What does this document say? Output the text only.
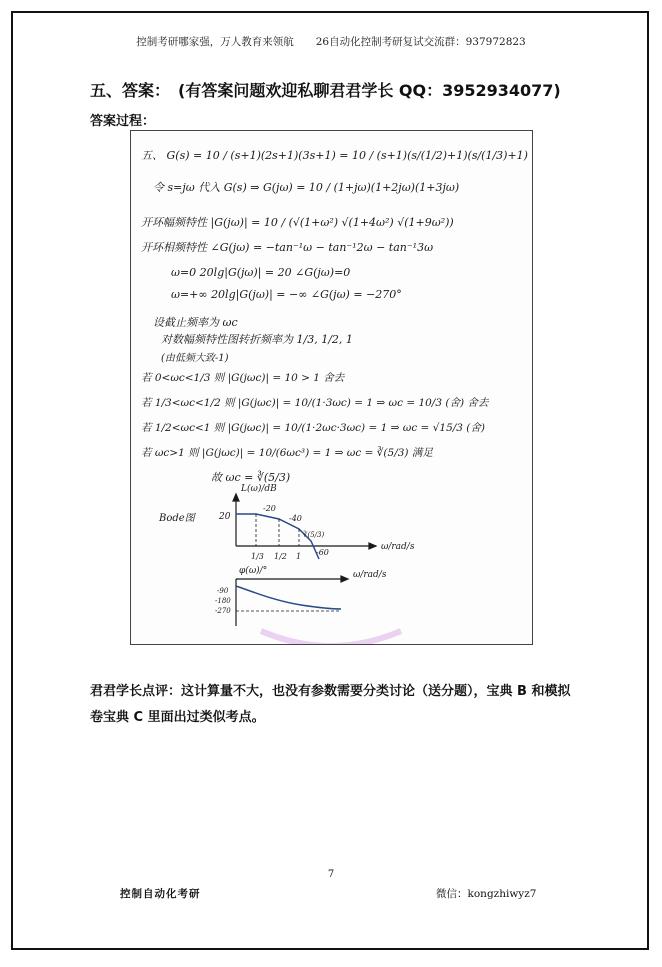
控制考研哪家强，万人教育来领航 26自动化控制考研复试交流群：937972823
五、答案： (有答案问题欢迎私聊君君学长 QQ：3952934077)
答案过程：
五、 G(s) = 10 / (s+1)(2s+1)(3s+1) = 10 / (s+1)(s/(1/2)+1)(s/(1/3)+1)
令 s=jω 代入 G(s) ⇒ G(jω) = 10 / (1+jω)(1+2jω)(1+3jω)
开环幅频特性 |G(jω)| = 10 / (√(1+ω²) √(1+4ω²) √(1+9ω²))
开环相频特性 ∠G(jω) = −tan⁻¹ω − tan⁻¹2ω − tan⁻¹3ω
ω=0 20lg|G(jω)| = 20 ∠G(jω)=0
ω=+∞ 20lg|G(jω)| = −∞ ∠G(jω) = −270°
设截止频率为 ωc
对数幅频特性图转折频率为 1/3, 1/2, 1
(由低频大致-1)
若 0<ωc<1/3 则 |G(jωc)| = 10 > 1 舍去
若 1/3<ωc<1/2 则 |G(jωc)| = 10/(1·3ωc) = 1 ⇒ ωc = 10/3 (舍) 舍去
若 1/2<ωc<1 则 |G(jωc)| = 10/(1·2ωc·3ωc) = 1 ⇒ ωc = √15/3 (舍)
若 ωc>1 则 |G(jωc)| = 10/(6ωc³) = 1 ⇒ ωc = ∛(5/3) 满足
故 ωc = ∛(5/3)
Bode图	20
L(ω)/dB
ω/rad/s
-20
-40
-60
∛(5/3)
1/3 1/2 1
φ(ω)/°	ω/rad/s
-90
-180
-270
君君学长点评：这计算量不大，也没有参数需要分类讨论（送分题），宝典 B 和模拟卷宝典 C 里面出过类似考点。
7
控制自动化考研	微信：kongzhiwyz7
